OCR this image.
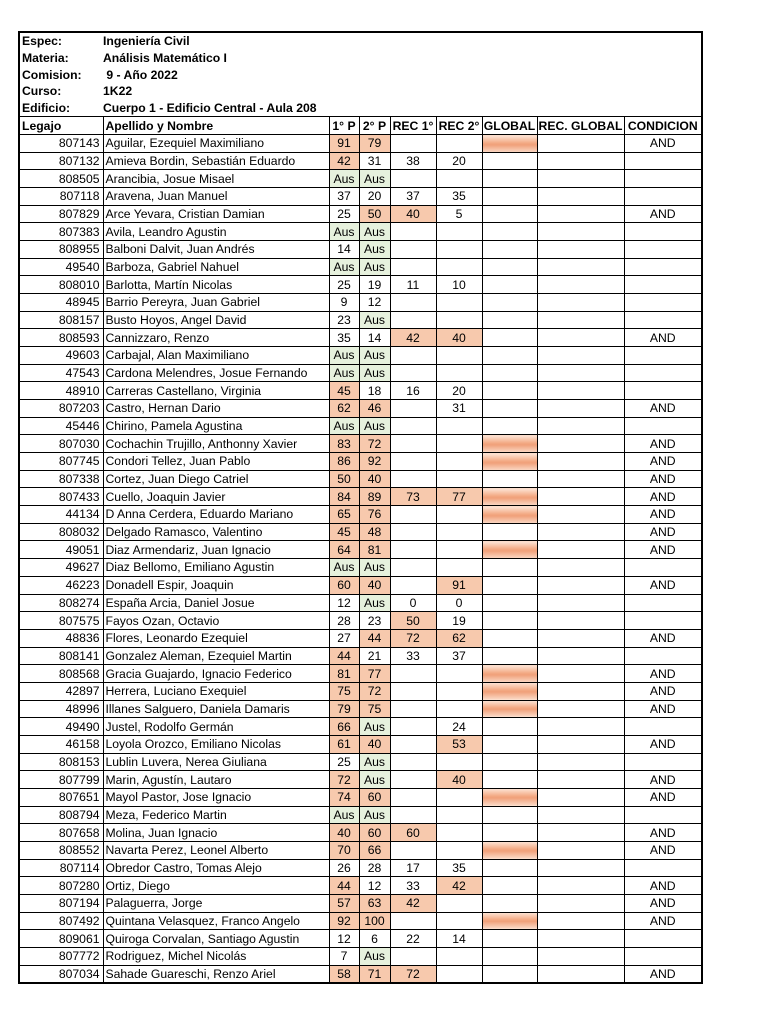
Espec:	Ingeniería Civil							
Materia:	Análisis Matemático I							
Comision:	9 - Año 2022							
Curso:	1K22							
Edificio:	Cuerpo 1 - Edificio Central - Aula 208							
Legajo	Apellido y Nombre	1° P	2° P	REC 1°	REC 2°	GLOBAL	REC. GLOBAL	CONDICION
807143	Aguilar, Ezequiel Maximiliano	91	79					AND
807132	Amieva Bordin, Sebastián Eduardo	42	31	38	20			
808505	Arancibia, Josue Misael	Aus	Aus					
807118	Aravena, Juan Manuel	37	20	37	35			
807829	Arce Yevara, Cristian Damian	25	50	40	5			AND
807383	Avila, Leandro Agustin	Aus	Aus					
808955	Balboni Dalvit, Juan Andrés	14	Aus					
49540	Barboza, Gabriel Nahuel	Aus	Aus					
808010	Barlotta, Martín Nicolas	25	19	11	10			
48945	Barrio Pereyra, Juan Gabriel	9	12					
808157	Busto Hoyos, Angel David	23	Aus					
808593	Cannizzaro, Renzo	35	14	42	40			AND
49603	Carbajal, Alan Maximiliano	Aus	Aus					
47543	Cardona Melendres, Josue Fernando	Aus	Aus					
48910	Carreras Castellano, Virginia	45	18	16	20			
807203	Castro, Hernan Dario	62	46		31			AND
45446	Chirino, Pamela Agustina	Aus	Aus					
807030	Cochachin Trujillo, Anthonny Xavier	83	72					AND
807745	Condori Tellez, Juan Pablo	86	92					AND
807338	Cortez, Juan Diego Catriel	50	40					AND
807433	Cuello, Joaquin Javier	84	89	73	77			AND
44134	D Anna Cerdera, Eduardo Mariano	65	76					AND
808032	Delgado Ramasco, Valentino	45	48					AND
49051	Diaz Armendariz, Juan Ignacio	64	81					AND
49627	Diaz Bellomo, Emiliano Agustin	Aus	Aus					
46223	Donadell Espir, Joaquin	60	40		91			AND
808274	España Arcia, Daniel Josue	12	Aus	0	0			
807575	Fayos Ozan, Octavio	28	23	50	19			
48836	Flores, Leonardo Ezequiel	27	44	72	62			AND
808141	Gonzalez Aleman, Ezequiel Martin	44	21	33	37			
808568	Gracia Guajardo, Ignacio Federico	81	77					AND
42897	Herrera, Luciano Exequiel	75	72					AND
48996	Illanes Salguero, Daniela Damaris	79	75					AND
49490	Justel, Rodolfo Germán	66	Aus		24			
46158	Loyola Orozco, Emiliano Nicolas	61	40		53			AND
808153	Lublin Luvera, Nerea Giuliana	25	Aus					
807799	Marin, Agustín, Lautaro	72	Aus		40			AND
807651	Mayol Pastor, Jose Ignacio	74	60					AND
808794	Meza, Federico Martin	Aus	Aus					
807658	Molina, Juan Ignacio	40	60	60				AND
808552	Navarta Perez, Leonel Alberto	70	66					AND
807114	Obredor Castro, Tomas Alejo	26	28	17	35			
807280	Ortiz, Diego	44	12	33	42			AND
807194	Palaguerra, Jorge	57	63	42				AND
807492	Quintana Velasquez, Franco Angelo	92	100					AND
809061	Quiroga Corvalan, Santiago Agustin	12	6	22	14			
807772	Rodriguez, Michel Nicolás	7	Aus					
807034	Sahade Guareschi, Renzo Ariel	58	71	72				AND
